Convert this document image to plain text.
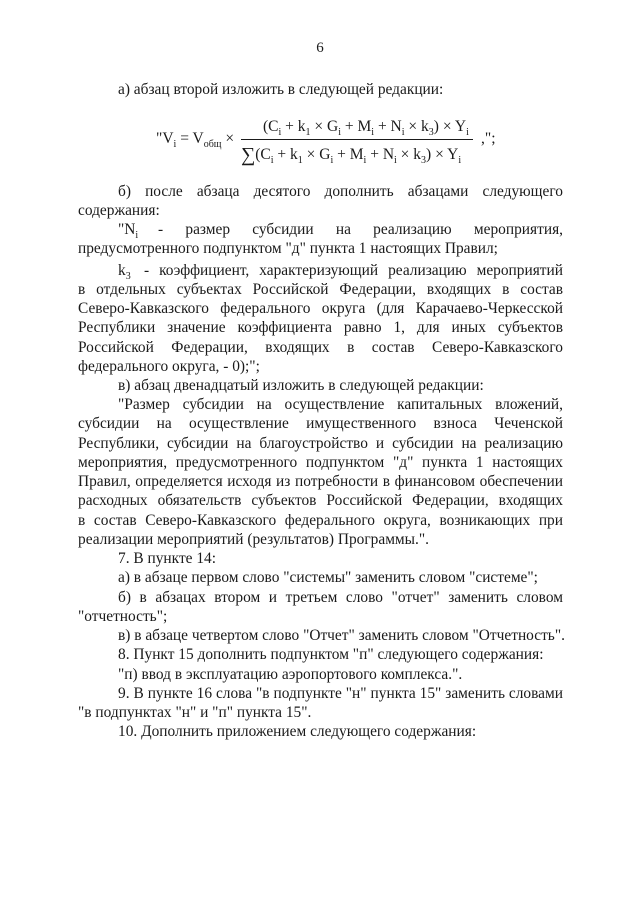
6
а) абзац второй изложить в следующей редакции:
"$V_i = V_{общ}$ ×
$(C_i + k_1 \times G_i + M_i + N_i \times k_3) \times Y_i$
$\sum(C_i + k_1 \times G_i + M_i + N_i \times k_3) \times Y_i$
,";
б) после абзаца десятого дополнить абзацами следующего
содержания:
"$N_i$ - размер субсидии на реализацию мероприятия,
предусмотренного подпунктом "д" пункта 1 настоящих Правил;
$k_3$ - коэффициент, характеризующий реализацию мероприятий
в отдельных субъектах Российской Федерации, входящих в состав
Северо-Кавказского федерального округа (для Карачаево-Черкесской
Республики значение коэффициента равно 1, для иных субъектов
Российской Федерации, входящих в состав Северо-Кавказского
федерального округа, - 0);";
в) абзац двенадцатый изложить в следующей редакции:
"Размер субсидии на осуществление капитальных вложений,
субсидии на осуществление имущественного взноса Чеченской
Республики, субсидии на благоустройство и субсидии на реализацию
мероприятия, предусмотренного подпунктом "д" пункта 1 настоящих
Правил, определяется исходя из потребности в финансовом обеспечении
расходных обязательств субъектов Российской Федерации, входящих
в состав Северо-Кавказского федерального округа, возникающих при
реализации мероприятий (результатов) Программы.".
7. В пункте 14:
а) в абзаце первом слово "системы" заменить словом "системе";
б) в абзацах втором и третьем слово "отчет" заменить словом
"отчетность";
в) в абзаце четвертом слово "Отчет" заменить словом "Отчетность".
8. Пункт 15 дополнить подпунктом "п" следующего содержания:
"п) ввод в эксплуатацию аэропортового комплекса.".
9. В пункте 16 слова "в подпункте "н" пункта 15" заменить словами
"в подпунктах "н" и "п" пункта 15".
10. Дополнить приложением следующего содержания:
